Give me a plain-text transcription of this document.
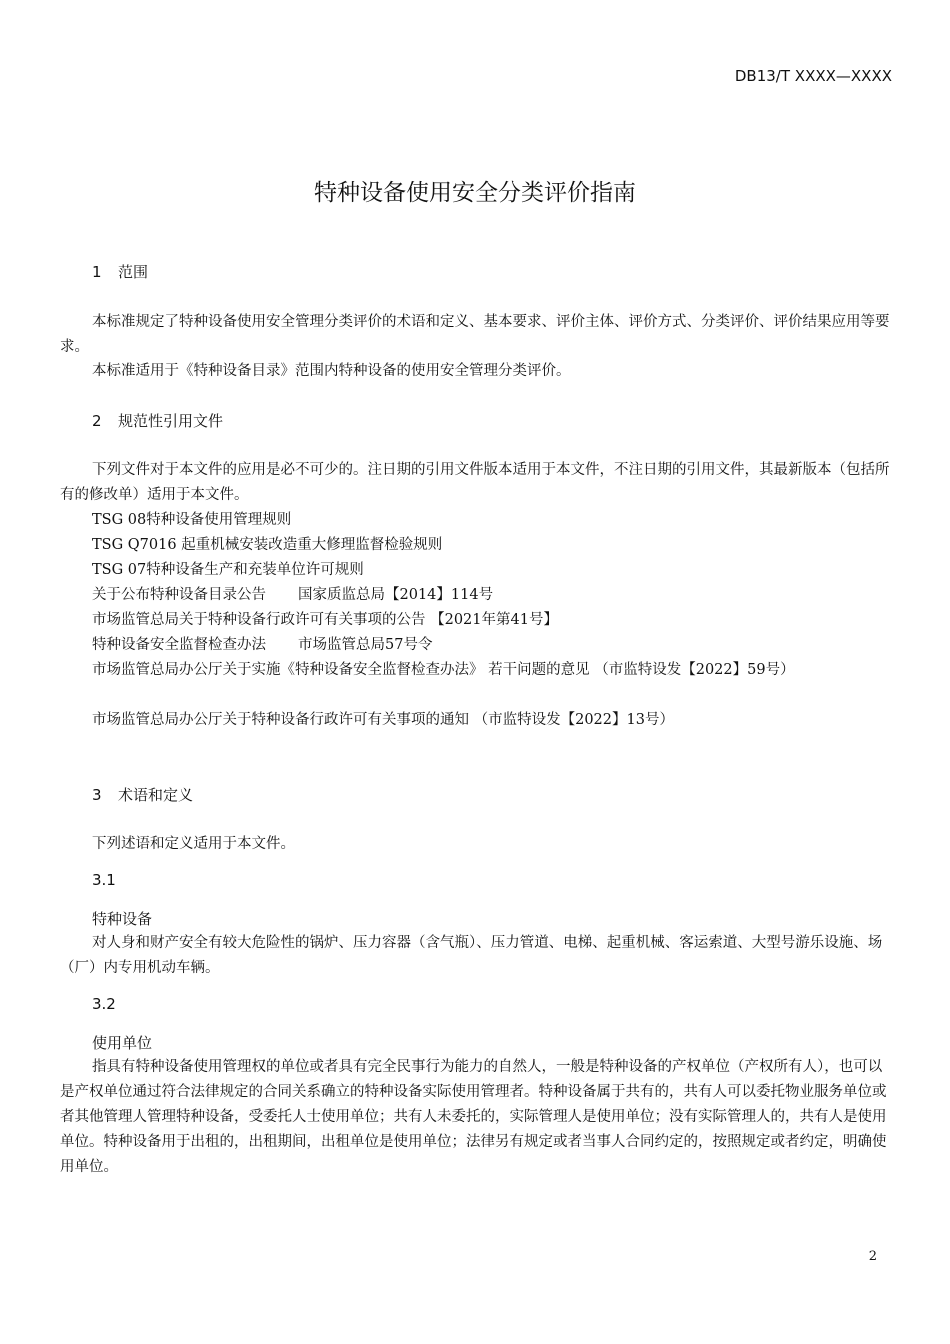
DB13/T XXXX—XXXX
特种设备使用安全分类评价指南
1 范围
本标准规定了特种设备使用安全管理分类评价的术语和定义、基本要求、评价主体、评价方式、分类评价、评价结果应用等要求。
本标准适用于《特种设备目录》范围内特种设备的使用安全管理分类评价。
2 规范性引用文件
下列文件对于本文件的应用是必不可少的。注日期的引用文件版本适用于本文件，不注日期的引用文件，其最新版本（包括所有的修改单）适用于本文件。
TSG 08特种设备使用管理规则
TSG Q7016 起重机械安装改造重大修理监督检验规则
TSG 07特种设备生产和充装单位许可规则
关于公布特种设备目录公告 国家质监总局【2014】114号
市场监管总局关于特种设备行政许可有关事项的公告 【2021年第41号】
特种设备安全监督检查办法 市场监管总局57号令
市场监管总局办公厅关于实施《特种设备安全监督检查办法》 若干问题的意见 （市监特设发【2022】59号）
市场监管总局办公厅关于特种设备行政许可有关事项的通知 （市监特设发【2022】13号）
3 术语和定义
下列述语和定义适用于本文件。
3.1
特种设备
对人身和财产安全有较大危险性的锅炉、压力容器（含气瓶）、压力管道、电梯、起重机械、客运索道、大型号游乐设施、场（厂）内专用机动车辆。
3.2
使用单位
指具有特种设备使用管理权的单位或者具有完全民事行为能力的自然人，一般是特种设备的产权单位（产权所有人），也可以是产权单位通过符合法律规定的合同关系确立的特种设备实际使用管理者。特种设备属于共有的，共有人可以委托物业服务单位或者其他管理人管理特种设备，受委托人士使用单位；共有人未委托的，实际管理人是使用单位；没有实际管理人的，共有人是使用单位。特种设备用于出租的，出租期间，出租单位是使用单位；法律另有规定或者当事人合同约定的，按照规定或者约定，明确使用单位。
2
